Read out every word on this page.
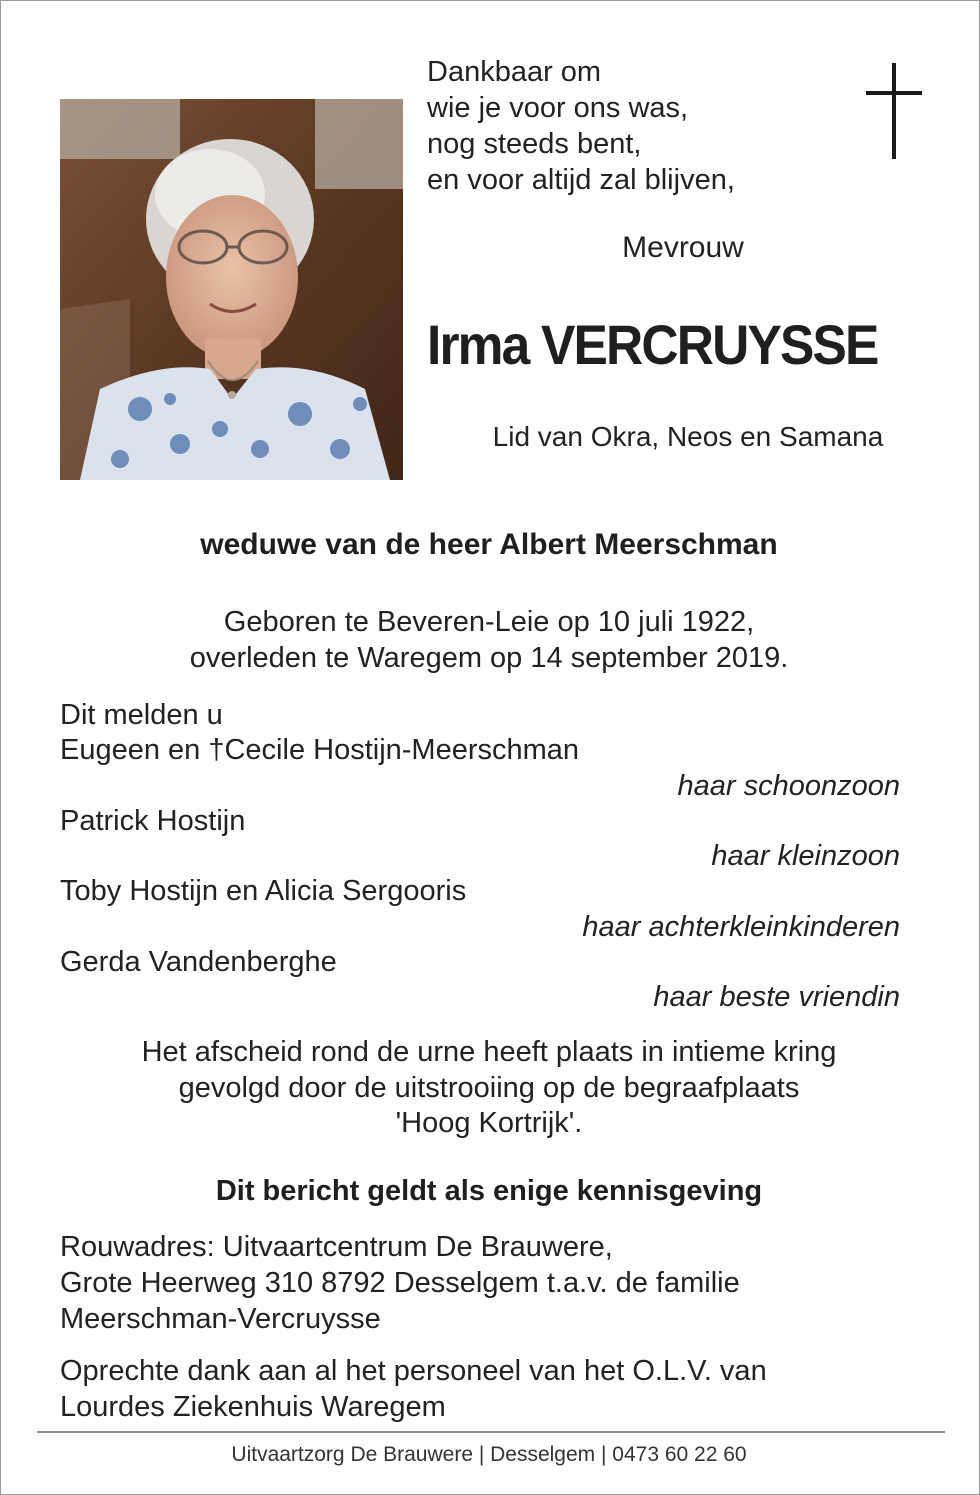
Dankbaar om
wie je voor ons was,
nog steeds bent,
en voor altijd zal blijven,
Mevrouw
Irma VERCRUYSSE
Lid van Okra, Neos en Samana
weduwe van de heer Albert Meerschman
Geboren te Beveren-Leie op 10 juli 1922,
overleden te Waregem op 14 september 2019.
Dit melden u
Eugeen en †Cecile Hostijn-Meerschman
haar schoonzoon
Patrick Hostijn
haar kleinzoon
Toby Hostijn en Alicia Sergooris
haar achterkleinkinderen
Gerda Vandenberghe
haar beste vriendin
Het afscheid rond de urne heeft plaats in intieme kring
gevolgd door de uitstrooiing op de begraafplaats
'Hoog Kortrijk'.
Dit bericht geldt als enige kennisgeving
Rouwadres: Uitvaartcentrum De Brauwere,
Grote Heerweg 310 8792 Desselgem t.a.v. de familie
Meerschman-Vercruysse
Oprechte dank aan al het personeel van het O.L.V. van
Lourdes Ziekenhuis Waregem
Uitvaartzorg De Brauwere | Desselgem | 0473 60 22 60
